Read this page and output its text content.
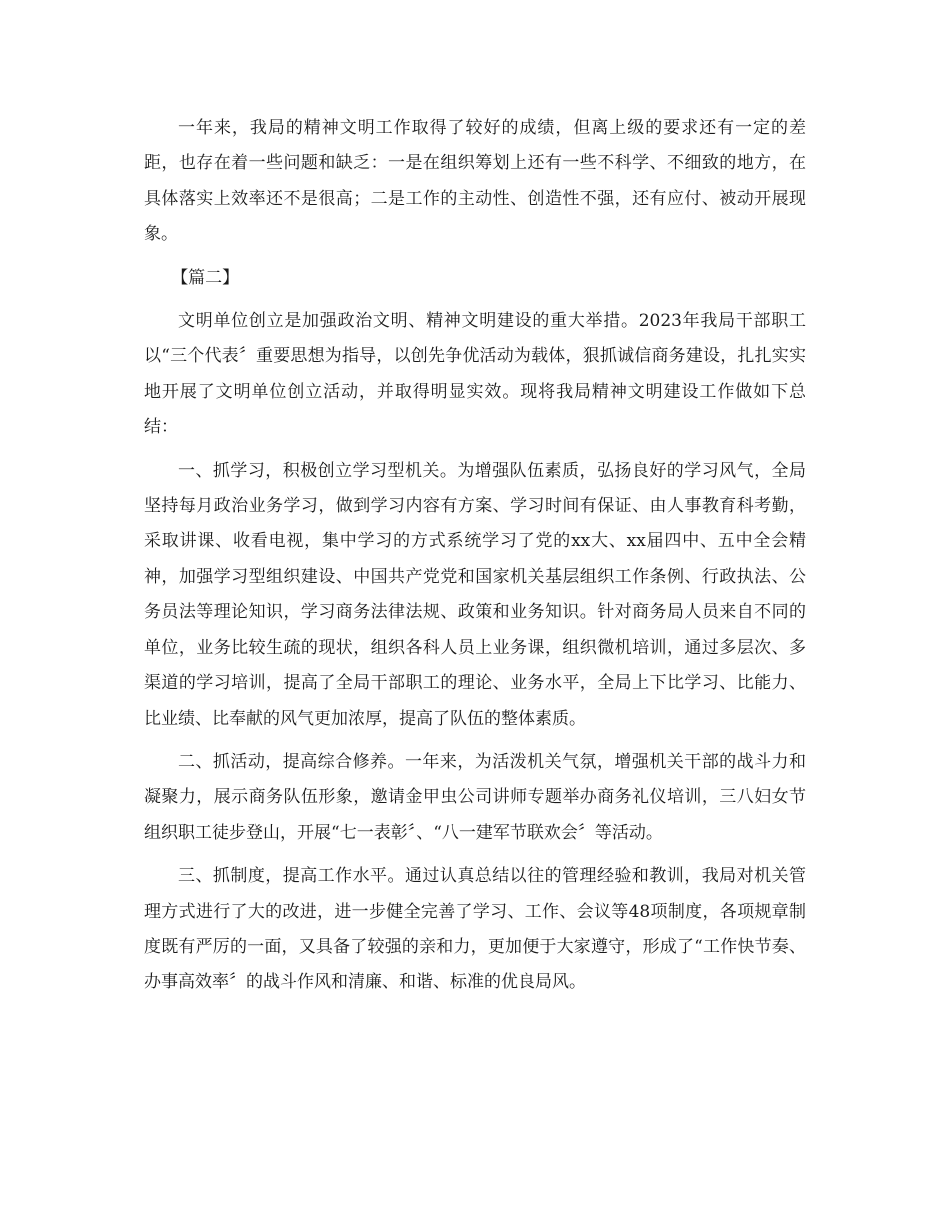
一年来，我局的精神文明工作取得了较好的成绩，但离上级的要求还有一定的差距，也存在着一些问题和缺乏：一是在组织筹划上还有一些不科学、不细致的地方，在具体落实上效率还不是很高；二是工作的主动性、创造性不强，还有应付、被动开展现象。

【篇二】

文明单位创立是加强政治文明、精神文明建设的重大举措。2023年我局干部职工以“三个代表〞重要思想为指导，以创先争优活动为载体，狠抓诚信商务建设，扎扎实实地开展了文明单位创立活动，并取得明显实效。现将我局精神文明建设工作做如下总结：

一、抓学习，积极创立学习型机关。为增强队伍素质，弘扬良好的学习风气，全局坚持每月政治业务学习，做到学习内容有方案、学习时间有保证、由人事教育科考勤，采取讲课、收看电视，集中学习的方式系统学习了党的xx大、xx届四中、五中全会精神，加强学习型组织建设、中国共产党党和国家机关基层组织工作条例、行政执法、公务员法等理论知识，学习商务法律法规、政策和业务知识。针对商务局人员来自不同的单位，业务比较生疏的现状，组织各科人员上业务课，组织微机培训，通过多层次、多渠道的学习培训，提高了全局干部职工的理论、业务水平，全局上下比学习、比能力、比业绩、比奉献的风气更加浓厚，提高了队伍的整体素质。

二、抓活动，提高综合修养。一年来，为活泼机关气氛，增强机关干部的战斗力和凝聚力，展示商务队伍形象，邀请金甲虫公司讲师专题举办商务礼仪培训，三八妇女节组织职工徒步登山，开展“七一表彰〞、“八一建军节联欢会〞等活动。

三、抓制度，提高工作水平。通过认真总结以往的管理经验和教训，我局对机关管理方式进行了大的改进，进一步健全完善了学习、工作、会议等48项制度，各项规章制度既有严厉的一面，又具备了较强的亲和力，更加便于大家遵守，形成了“工作快节奏、办事高效率〞的战斗作风和清廉、和谐、标准的优良局风。
